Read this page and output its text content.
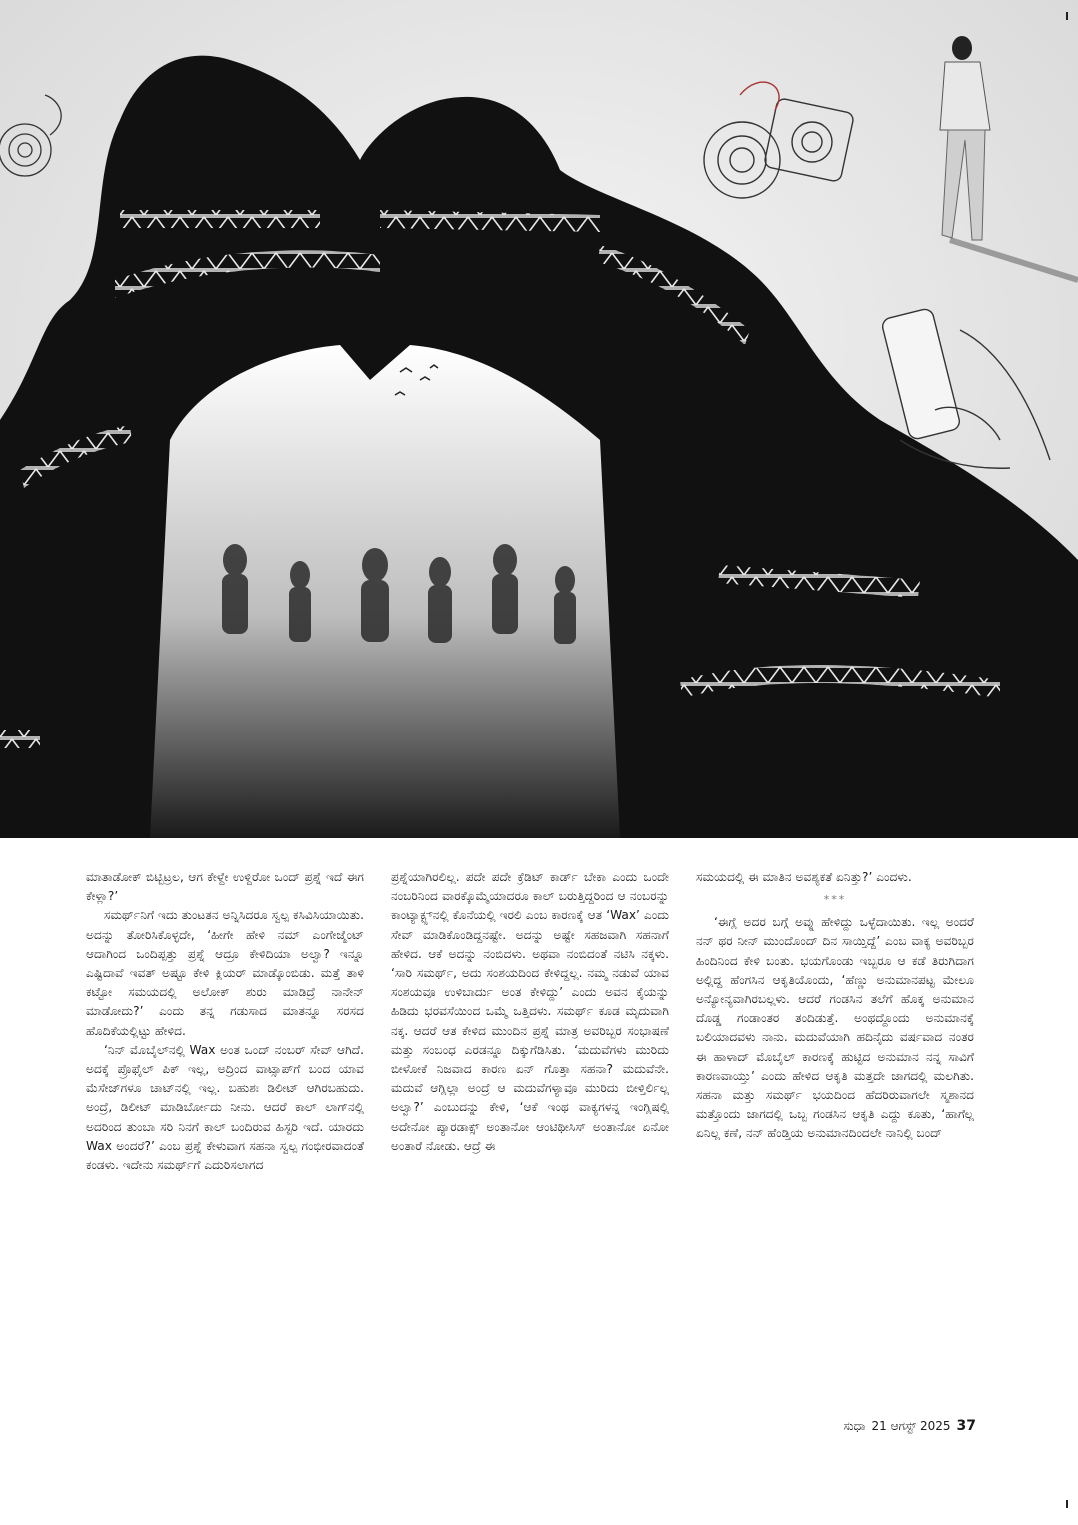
ಮಾತಾಡೋಕ್ ಬಿಟ್ಬಿಟ್ರಲ, ಆಗ ಕೇಳ್ದೇ ಉಳ್ದಿರೋ ಒಂದ್ ಪ್ರಶ್ನೆ ಇದೆ ಈಗ ಕೇಳ್ಲಾ?’

ಸಮರ್ಥ್‌ನಿಗೆ ಇದು ತುಂಟತನ ಅನ್ನಿಸಿದರೂ ಸ್ವಲ್ಪ ಕಸಿವಿಸಿಯಾಯಿತು. ಅದನ್ನು ತೋರಿಸಿಕೊಳ್ಳದೇ, ‘ಹೀಗೇ ಹೇಳಿ ನಮ್ ಎಂಗೇಜ್ಮೆಂಟ್ ಆದಾಗಿಂದ ಒಂದಿಪ್ಪತ್ತು ಪ್ರಶ್ನೆ ಆದ್ರೂ ಕೇಳಿದಿಯಾ ಅಲ್ವಾ? ಇನ್ನೂ ಎಷ್ಟಿದಾವೆ ಇವತ್ ಅಷ್ಟೂ ಕೇಳಿ ಕ್ಲಿಯರ್ ಮಾಡ್ಕೊಂಬಿಡು. ಮತ್ತೆ ತಾಳಿ ಕಟ್ಟೋ ಸಮಯದಲ್ಲಿ ಅಲೋಕ್ ಶುರು ಮಾಡಿದ್ರೆ ನಾನೇನ್ ಮಾಡೋದು?’ ಎಂದು ತನ್ನ ಗಡುಸಾದ ಮಾತನ್ನೂ ಸರಸದ ಹೊದಿಕೆಯಲ್ಲಿಟ್ಟು ಹೇಳಿದ.

‘ನಿನ್ ಮೊಬೈಲ್‌ನಲ್ಲಿ Wax ಅಂತ ಒಂದ್ ನಂಬರ್ ಸೇವ್ ಆಗಿದೆ. ಅದಕ್ಕೆ ಪ್ರೊಫೈಲ್ ಪಿಕ್ ಇಲ್ಲ, ಅದ್ರಿಂದ ವಾಟ್ಸಾಪ್‌ಗೆ ಬಂದ ಯಾವ ಮೆಸೇಜ್‌ಗಳೂ ಚಾಟ್‌ನಲ್ಲಿ ಇಲ್ಲ. ಬಹುಶಃ ಡಿಲೀಟ್ ಆಗಿರಬಹುದು. ಅಂದ್ರೆ, ಡಿಲೀಟ್ ಮಾಡಿರ್ಬೋದು ನೀನು. ಆದರೆ ಕಾಲ್ ಲಾಗ್‌ನಲ್ಲಿ ಅದರಿಂದ ತುಂಬಾ ಸರಿ ನಿನಗೆ ಕಾಲ್ ಬಂದಿರುವ ಹಿಸ್ಟರಿ ಇದೆ. ಯಾರದು Wax ಅಂದರೆ?’ ಎಂಬ ಪ್ರಶ್ನೆ ಕೇಳುವಾಗ ಸಹನಾ ಸ್ವಲ್ಪ ಗಂಭೀರವಾದಂತೆ ಕಂಡಳು. ಇದೇನು ಸಮರ್ಥ್‌ಗೆ ಎದುರಿಸಲಾಗದ

ಪ್ರಶ್ನೆಯಾಗಿರಲಿಲ್ಲ. ಪದೇ ಪದೇ ಕ್ರೆಡಿಟ್ ಕಾರ್ಡ್ ಬೇಕಾ ಎಂದು ಒಂದೇ ನಂಬರಿನಿಂದ ವಾರಕ್ಕೊಮ್ಮೆಯಾದರೂ ಕಾಲ್ ಬರುತ್ತಿದ್ದರಿಂದ ಆ ನಂಬರನ್ನು ಕಾಂಟ್ಯಾಕ್ಟ್ಸ್‌ನಲ್ಲಿ ಕೊನೆಯಲ್ಲಿ ಇರಲಿ ಎಂಬ ಕಾರಣಕ್ಕೆ ಆತ ‘Wax’ ಎಂದು ಸೇವ್ ಮಾಡಿಕೊಂಡಿದ್ದನಷ್ಟೇ. ಅದನ್ನು ಅಷ್ಟೇ ಸಹಜವಾಗಿ ಸಹನಾಗೆ ಹೇಳಿದ. ಆಕೆ ಅದನ್ನು ನಂಬಿದಳು. ಅಥವಾ ನಂಬಿದಂತೆ ನಟಿಸಿ ನಕ್ಕಳು. ‘ಸಾರಿ ಸಮರ್ಥ್, ಅದು ಸಂಶಯದಿಂದ ಕೇಳಿದ್ದಲ್ಲ. ನಮ್ಮ ನಡುವೆ ಯಾವ ಸಂಶಯವೂ ಉಳಿಬಾರ್ದು ಅಂತ ಕೇಳಿದ್ದು’ ಎಂದು ಅವನ ಕೈಯನ್ನು ಹಿಡಿದು ಭರವಸೆಯಿಂದ ಒಮ್ಮೆ ಒತ್ತಿದಳು. ಸಮರ್ಥ್ ಕೂಡ ಮೃದುವಾಗಿ ನಕ್ಕ. ಆದರೆ ಆತ ಕೇಳಿದ ಮುಂದಿನ ಪ್ರಶ್ನೆ ಮಾತ್ರ ಅವರಿಬ್ಬರ ಸಂಭಾಷಣೆ ಮತ್ತು ಸಂಬಂಧ ಎರಡನ್ನೂ ದಿಕ್ಕುಗೆಡಿಸಿತು. ‘ಮದುವೆಗಳು ಮುರಿದು ಬೀಳೋಕೆ ನಿಜವಾದ ಕಾರಣ ಏನ್ ಗೊತ್ತಾ ಸಹನಾ? ಮದುವೆನೇ. ಮದುವೆ ಆಗ್ಲಿಲ್ಲಾ ಅಂದ್ರೆ ಆ ಮದುವೆಗಳ್ಯಾವೂ ಮುರಿದು ಬೀಳ್ತಿರ್ಲಿಲ್ಲ ಅಲ್ವಾ?’ ಎಂಬುದನ್ನು ಕೇಳಿ, ‘ಆಕೆ ಇಂಥ ವಾಕ್ಯಗಳನ್ನ ಇಂಗ್ಲಿಷಲ್ಲಿ ಅದೇನೋ ಪ್ಯಾರಡಾಕ್ಸ್ ಅಂತಾನೋ ಆಂಟಿಥೀಸಿಸ್ ಅಂತಾನೋ ಏನೋ ಅಂತಾರೆ ನೋಡು. ಆದ್ರೆ ಈ

ಸಮಯದಲ್ಲಿ ಈ ಮಾತಿನ ಅವಶ್ಯಕತೆ ಏನಿತ್ತು?’ ಎಂದಳು.

***

‘ಈಗ್ಲೆ ಅದರ ಬಗ್ಗೆ ಅವ್ನು ಹೇಳಿದ್ದು ಒಳ್ಳೆದಾಯಿತು. ಇಲ್ಲ ಅಂದರೆ ನನ್ ಥರ ನೀನ್ ಮುಂದೊಂದ್ ದಿನ ಸಾಯ್ತಿದ್ದೆ’ ಎಂಬ ವಾಕ್ಯ ಅವರಿಬ್ಬರ ಹಿಂದಿನಿಂದ ಕೇಳಿ ಬಂತು. ಭಯಗೊಂಡು ಇಬ್ಬರೂ ಆ ಕಡೆ ತಿರುಗಿದಾಗ ಅಲ್ಲಿದ್ದ ಹೆಂಗಸಿನ ಆಕೃತಿಯೊಂದು, ‘ಹೆಣ್ಣು ಅನುಮಾನಪಟ್ಟ ಮೇಲೂ ಅನ್ಯೋನ್ಯವಾಗಿರಬಲ್ಲಳು. ಆದರೆ ಗಂಡಸಿನ ತಲೆಗೆ ಹೊಕ್ಕ ಅನುಮಾನ ದೊಡ್ಡ ಗಂಡಾಂತರ ತಂದಿಡುತ್ತೆ. ಅಂಥದ್ದೊಂದು ಅನುಮಾನಕ್ಕೆ ಬಲಿಯಾದವಳು ನಾನು. ಮದುವೆಯಾಗಿ ಹದಿನೈದು ವರ್ಷವಾದ ನಂತರ ಈ ಹಾಳಾದ್ ಮೊಬೈಲ್ ಕಾರಣಕ್ಕೆ ಹುಟ್ಟಿದ ಅನುಮಾನ ನನ್ನ ಸಾವಿಗೆ ಕಾರಣವಾಯ್ತು’ ಎಂದು ಹೇಳಿದ ಆಕೃತಿ ಮತ್ತದೇ ಜಾಗದಲ್ಲಿ ಮಲಗಿತು. ಸಹನಾ ಮತ್ತು ಸಮರ್ಥ್ ಭಯದಿಂದ ಹೆದರಿರುವಾಗಲೇ ಸ್ಮಶಾನದ ಮತ್ತೊಂದು ಜಾಗದಲ್ಲಿ ಒಬ್ಬ ಗಂಡಸಿನ ಆಕೃತಿ ಎದ್ದು ಕೂತು, ‘ಹಾಗೆಲ್ಲ ಏನಿಲ್ಲ ಕಣೆ, ನನ್ ಹೆಂಡ್ತಿಯ ಅನುಮಾನದಿಂದಲೇ ನಾನಿಲ್ಲಿ ಬಂದ್

ಸುಧಾ 21 ಆಗಸ್ಟ್ 2025 37
